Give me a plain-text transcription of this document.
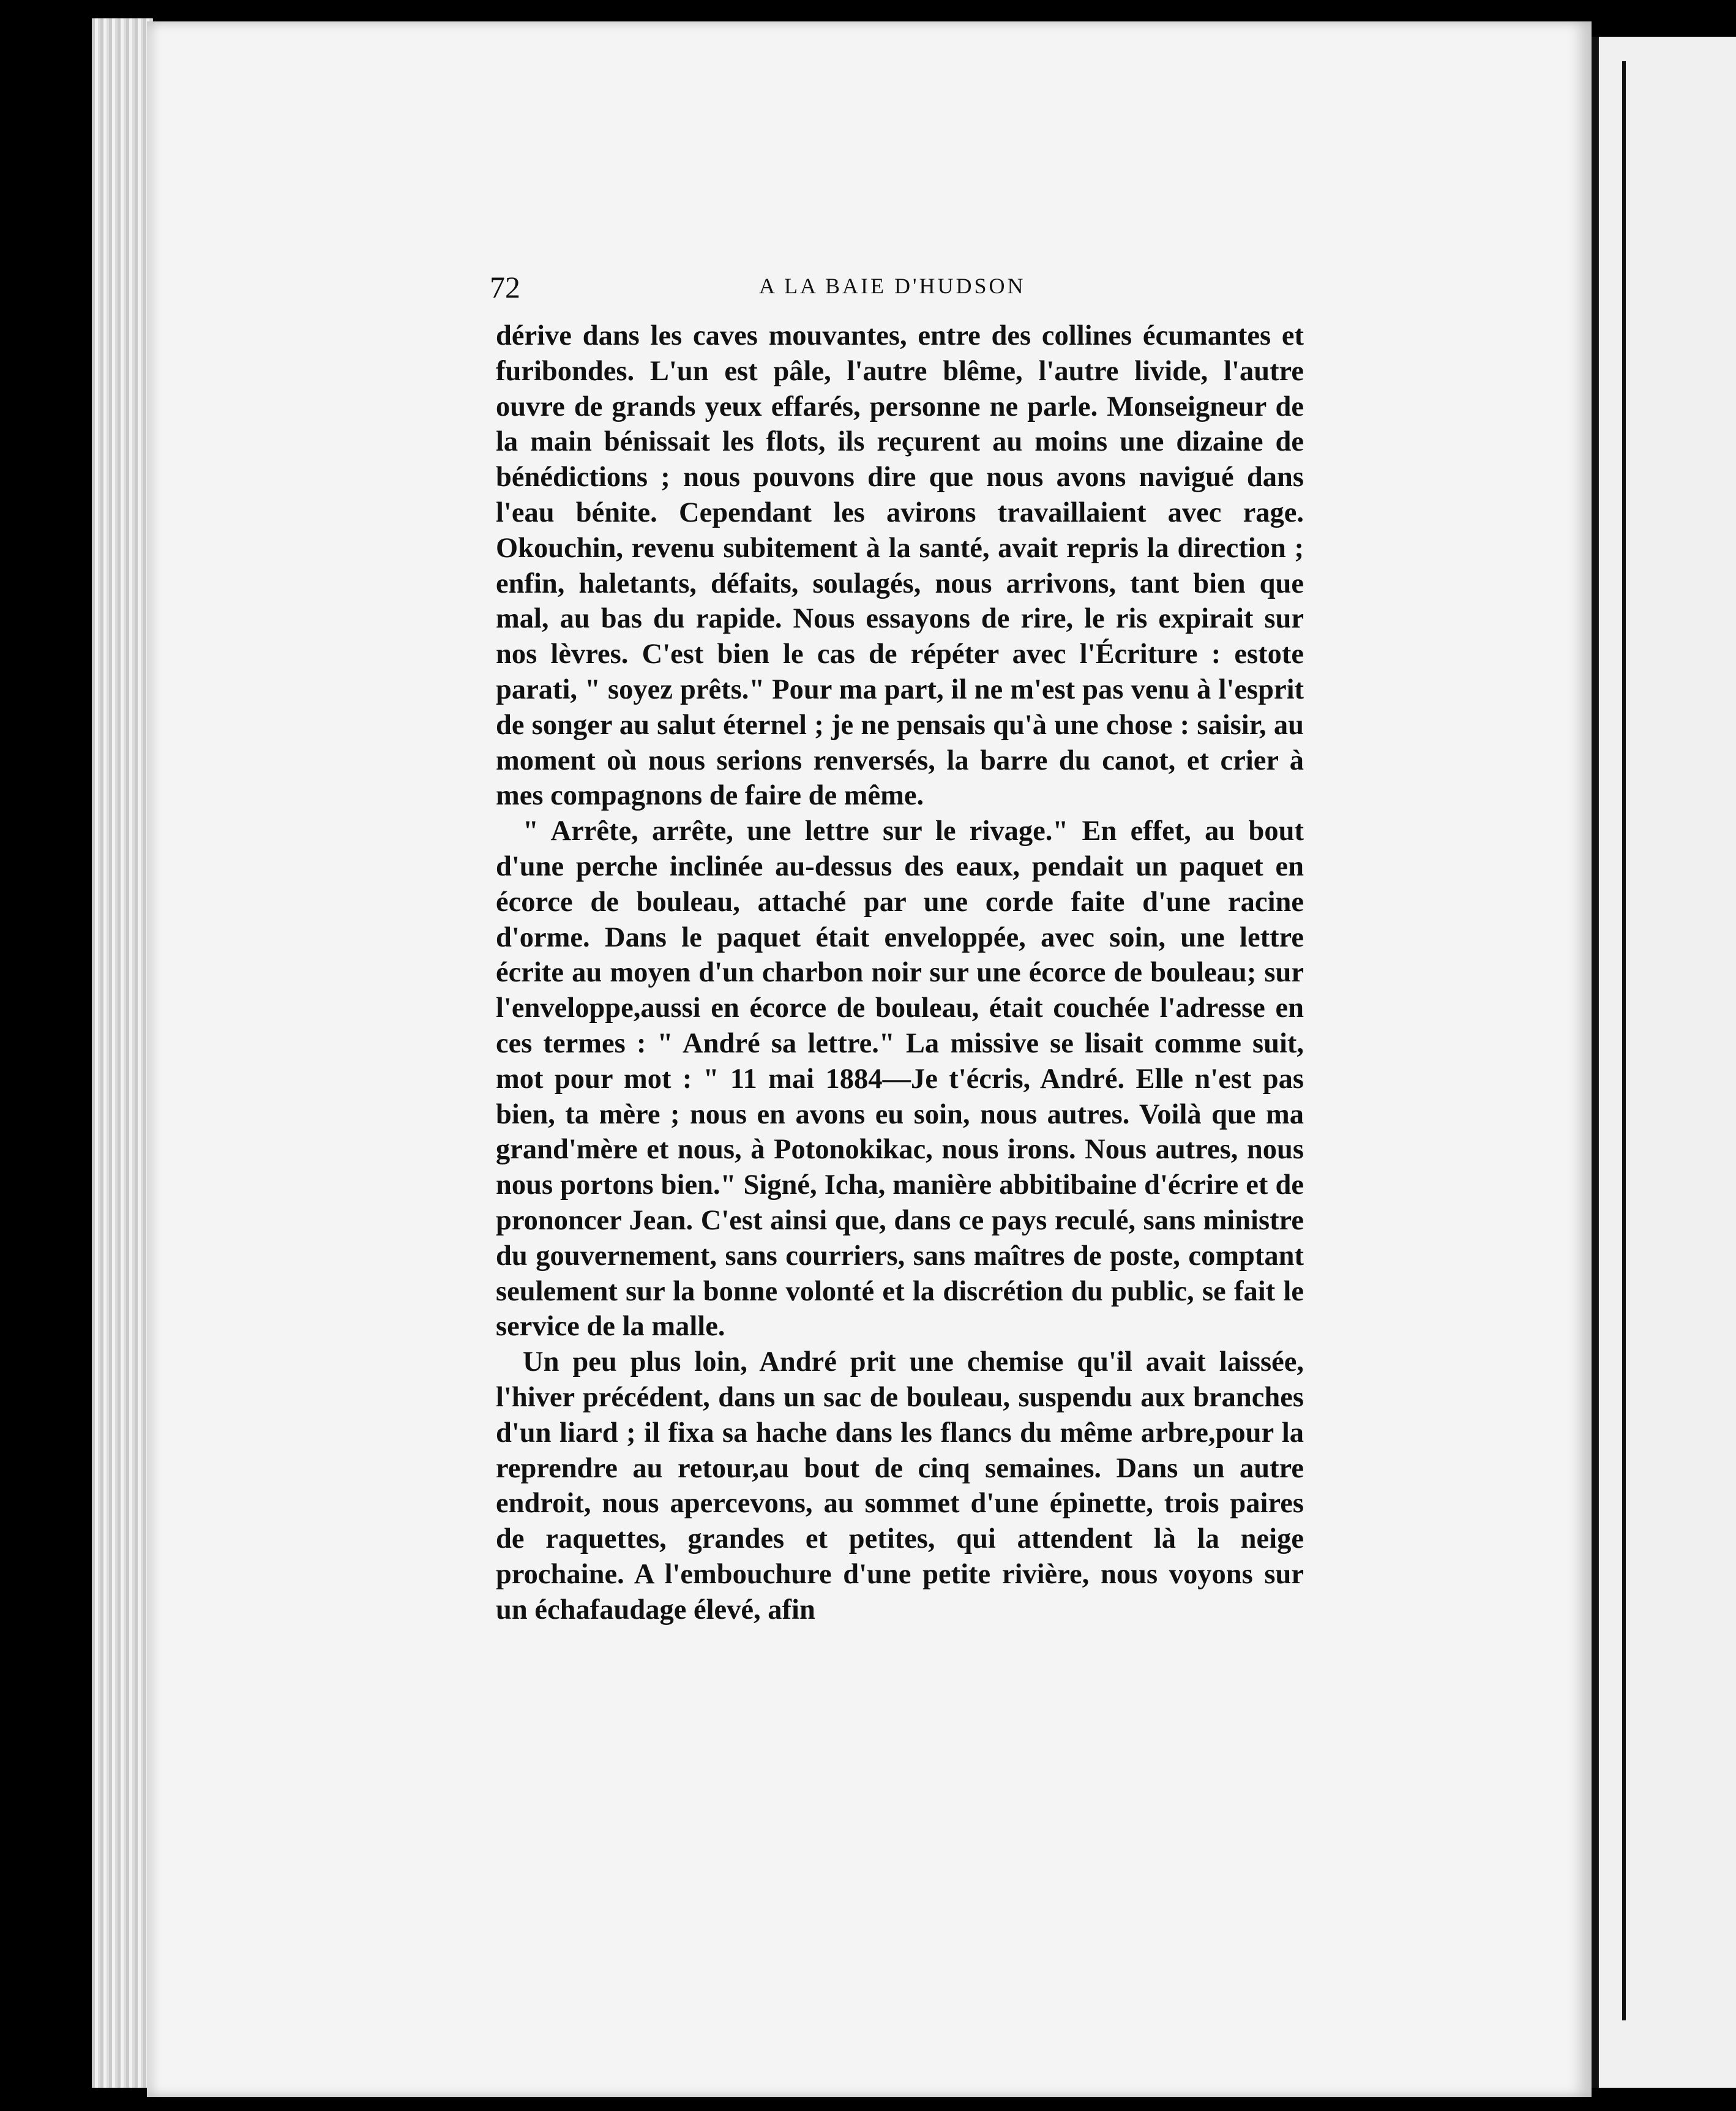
72	A LA BAIE D'HUDSON

dérive dans les caves mouvantes, entre des collines écumantes et furibondes. L'un est pâle, l'autre blême, l'autre livide, l'autre ouvre de grands yeux effarés, personne ne parle. Monseigneur de la main bénissait les flots, ils reçurent au moins une dizaine de bénédictions ; nous pouvons dire que nous avons navigué dans l'eau bénite. Cependant les avirons travaillaient avec rage. Okouchin, revenu subitement à la santé, avait repris la direction ; enfin, haletants, défaits, soulagés, nous arrivons, tant bien que mal, au bas du rapide. Nous essayons de rire, le ris expirait sur nos lèvres. C'est bien le cas de répéter avec l'Écriture : estote parati, " soyez prêts." Pour ma part, il ne m'est pas venu à l'esprit de songer au salut éternel ; je ne pensais qu'à une chose : saisir, au moment où nous serions renversés, la barre du canot, et crier à mes compagnons de faire de même.

" Arrête, arrête, une lettre sur le rivage." En effet, au bout d'une perche inclinée au-dessus des eaux, pendait un paquet en écorce de bouleau, attaché par une corde faite d'une racine d'orme. Dans le paquet était enveloppée, avec soin, une lettre écrite au moyen d'un charbon noir sur une écorce de bouleau; sur l'enveloppe,aussi en écorce de bouleau, était couchée l'adresse en ces termes : " André sa lettre." La missive se lisait comme suit, mot pour mot : " 11 mai 1884—Je t'écris, André. Elle n'est pas bien, ta mère ; nous en avons eu soin, nous autres. Voilà que ma grand'mère et nous, à Potonokikac, nous irons. Nous autres, nous nous portons bien." Signé, Icha, manière abbitibaine d'écrire et de prononcer Jean. C'est ainsi que, dans ce pays reculé, sans ministre du gouvernement, sans courriers, sans maîtres de poste, comptant seulement sur la bonne volonté et la discrétion du public, se fait le service de la malle.

Un peu plus loin, André prit une chemise qu'il avait laissée, l'hiver précédent, dans un sac de bouleau, suspendu aux branches d'un liard ; il fixa sa hache dans les flancs du même arbre,pour la reprendre au retour,au bout de cinq semaines. Dans un autre endroit, nous apercevons, au sommet d'une épinette, trois paires de raquettes, grandes et petites, qui attendent là la neige prochaine. A l'embouchure d'une petite rivière, nous voyons sur un échafaudage élevé, afin
